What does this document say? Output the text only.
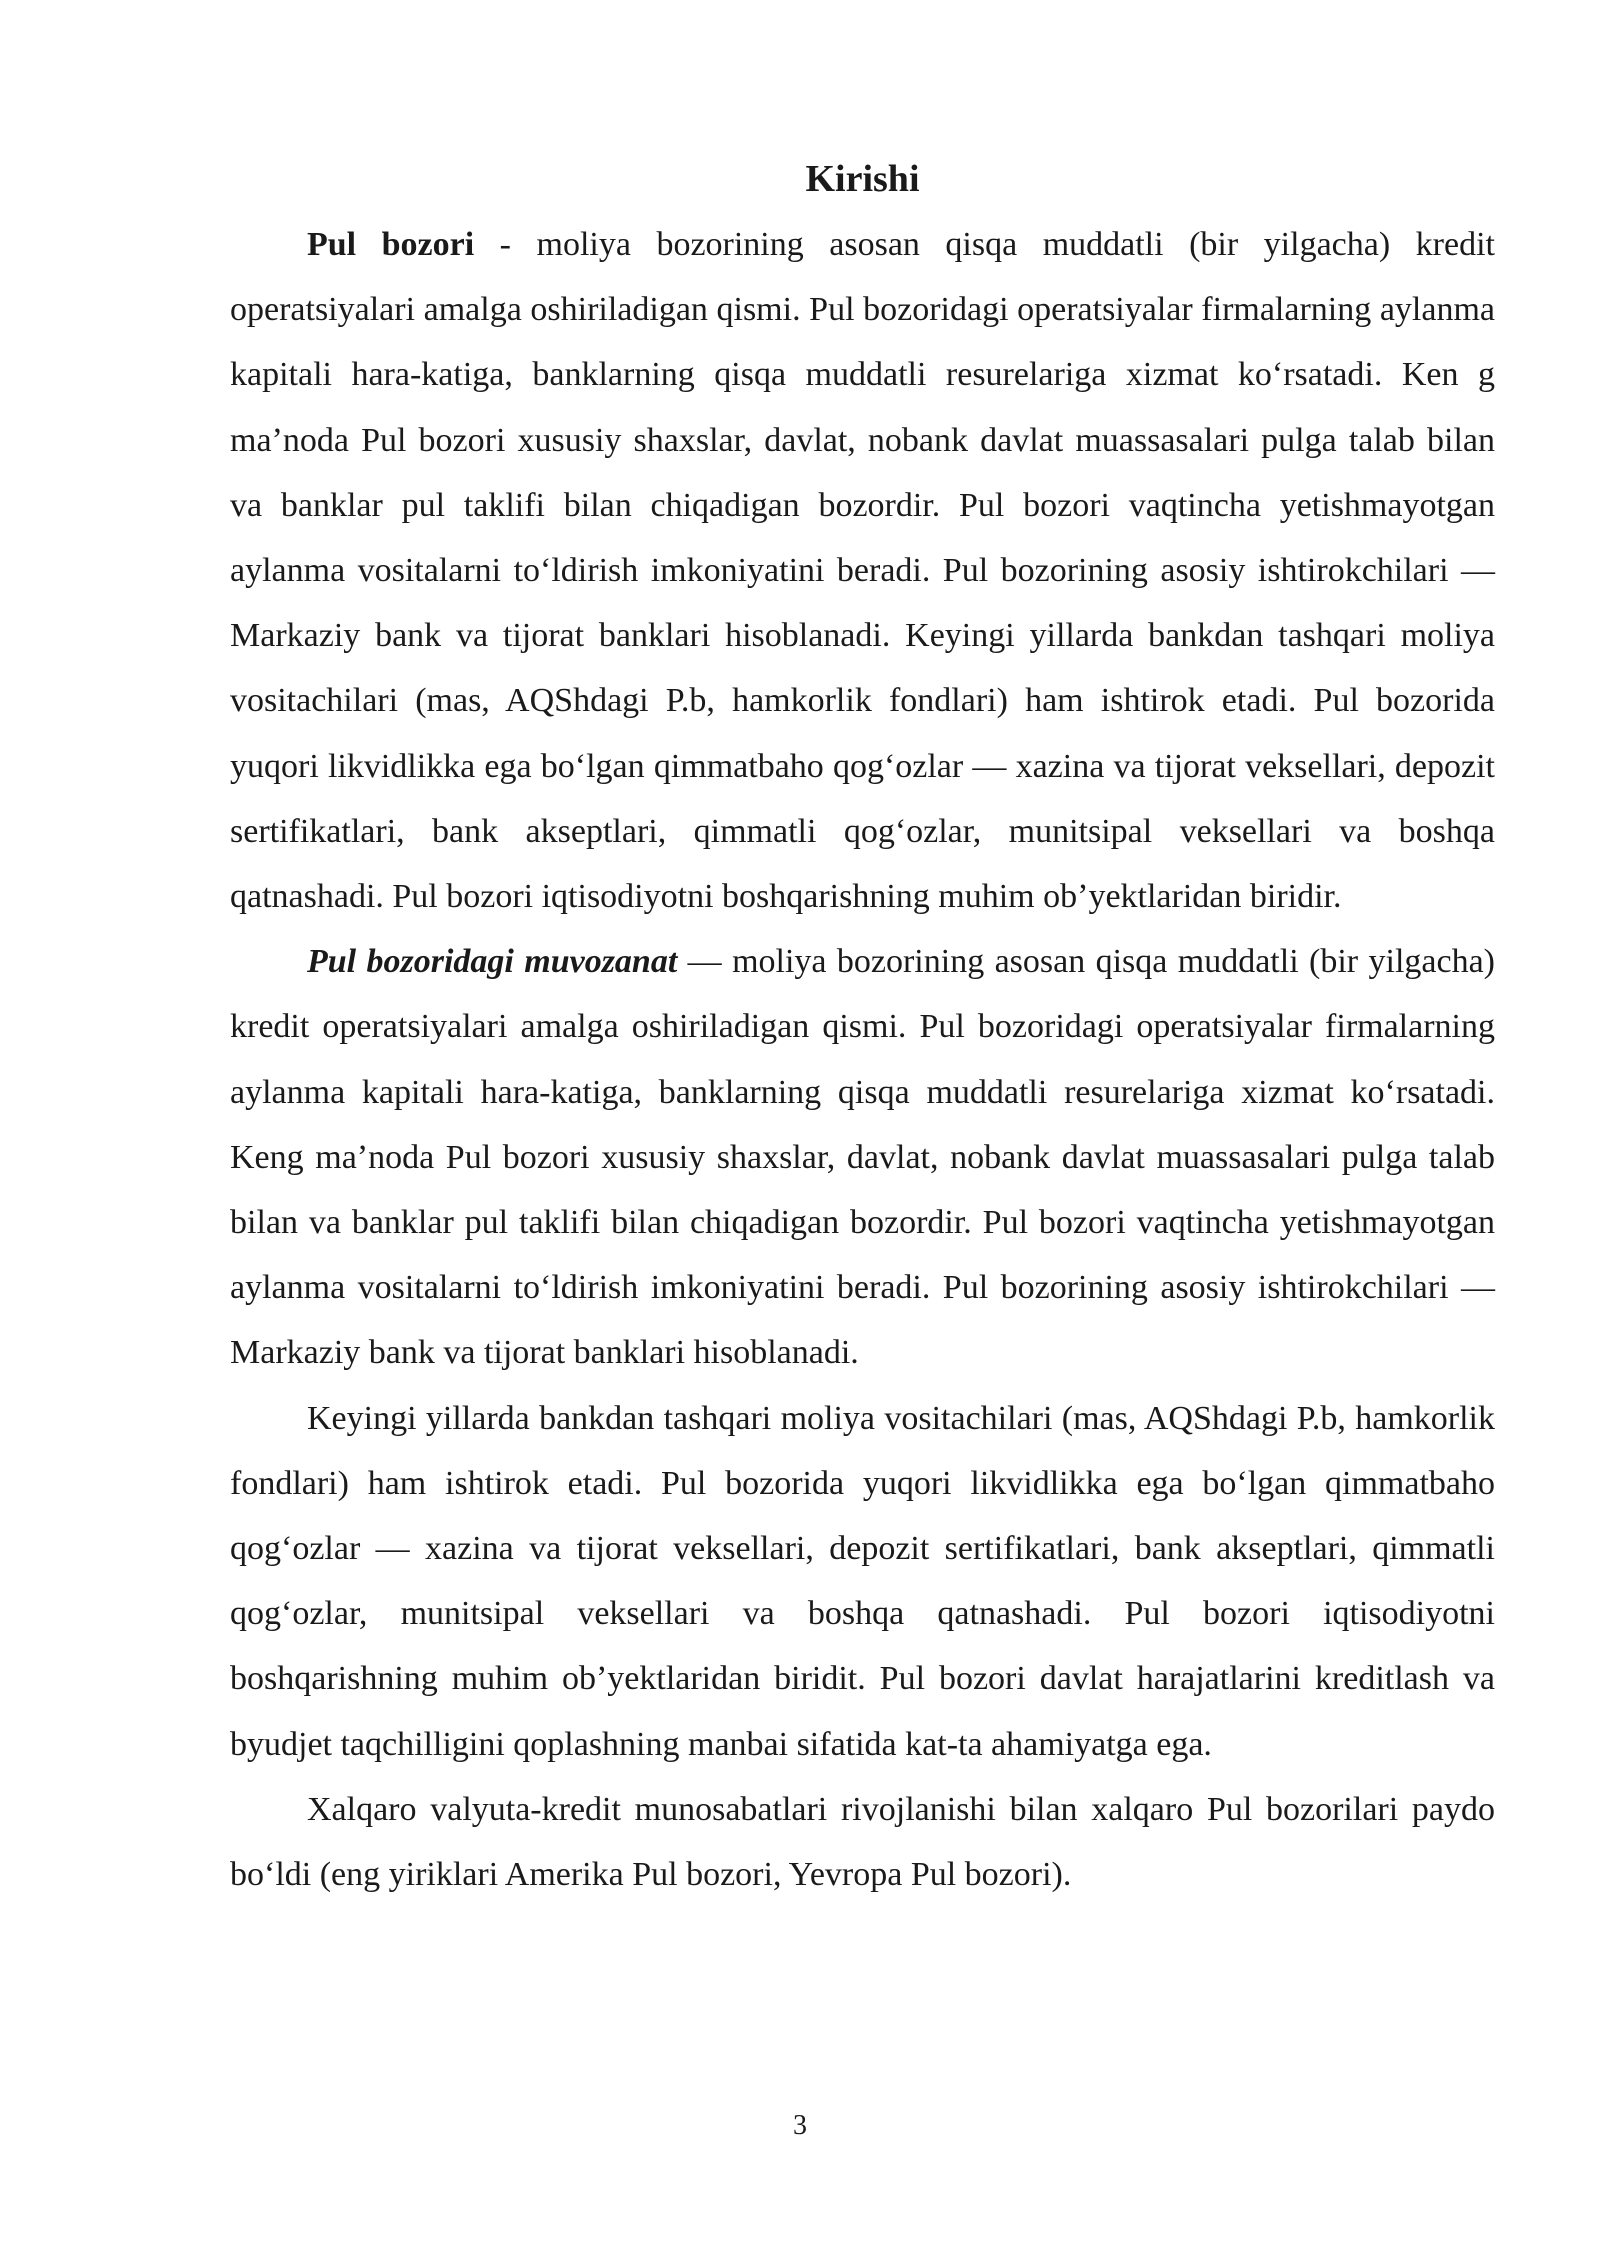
Kirishi

Pul bozori - moliya bozorining asosan qisqa muddatli (bir yilgacha) kredit operatsiyalari amalga oshiriladigan qismi. Pul bozoridagi operatsiyalar firmalarning aylanma kapitali hara-katiga, banklarning qisqa muddatli resurelariga xizmat koʻrsatadi. Ken g maʼnoda Pul bozori xususiy shaxslar, davlat, nobank davlat muassasalari pulga talab bilan va banklar pul taklifi bilan chiqadigan bozordir. Pul bozori vaqtincha yetishmayotgan aylanma vositalarni toʻldirish imkoniyatini beradi. Pul bozorining asosiy ishtirokchilari — Markaziy bank va tijorat banklari hisoblanadi. Keyingi yillarda bankdan tashqari moliya vositachilari (mas, AQShdagi P.b, hamkorlik fondlari) ham ishtirok etadi. Pul bozorida yuqori likvidlikka ega boʻlgan qimmatbaho qogʻozlar — xazina va tijorat veksellari, depozit sertifikatlari, bank akseptlari, qimmatli qogʻozlar, munitsipal veksellari va boshqa qatnashadi. Pul bozori iqtisodiyotni boshqarishning muhim obʼyektlaridan biridir.

Pul bozoridagi muvozanat — moliya bozorining asosan qisqa muddatli (bir yilgacha) kredit operatsiyalari amalga oshiriladigan qismi. Pul bozoridagi operatsiyalar firmalarning aylanma kapitali hara-katiga, banklarning qisqa muddatli resurelariga xizmat koʻrsatadi. Keng maʼnoda Pul bozori xususiy shaxslar, davlat, nobank davlat muassasalari pulga talab bilan va banklar pul taklifi bilan chiqadigan bozordir. Pul bozori vaqtincha yetishmayotgan aylanma vositalarni toʻldirish imkoniyatini beradi. Pul bozorining asosiy ishtirokchilari — Markaziy bank va tijorat banklari hisoblanadi.

Keyingi yillarda bankdan tashqari moliya vositachilari (mas, AQShdagi P.b, hamkorlik fondlari) ham ishtirok etadi. Pul bozorida yuqori likvidlikka ega boʻlgan qimmatbaho qogʻozlar — xazina va tijorat veksellari, depozit sertifikatlari, bank akseptlari, qimmatli qogʻozlar, munitsipal veksellari va boshqa qatnashadi. Pul bozori iqtisodiyotni boshqarishning muhim obʼyektlaridan biridit. Pul bozori davlat harajatlarini kreditlash va byudjet taqchilligini qoplashning manbai sifatida kat-ta ahamiyatga ega.

Xalqaro valyuta-kredit munosabatlari rivojlanishi bilan xalqaro Pul bozorilari paydo boʻldi (eng yiriklari Amerika Pul bozori, Yevropa Pul bozori).

3
